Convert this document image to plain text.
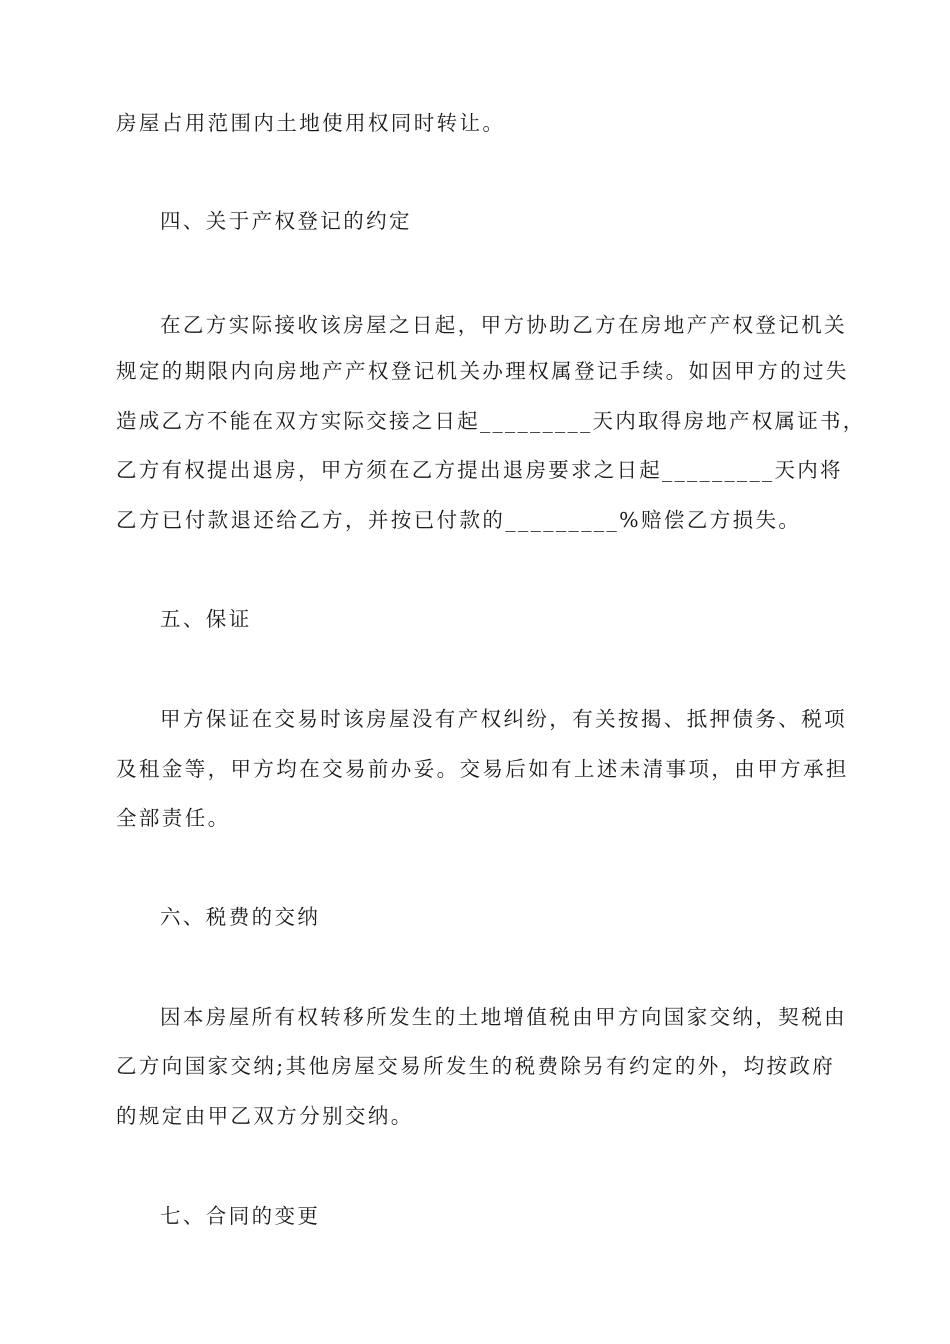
房屋占用范围内土地使用权同时转让。
四、关于产权登记的约定
在乙方实际接收该房屋之日起，甲方协助乙方在房地产产权登记机关
规定的期限内向房地产产权登记机关办理权属登记手续。如因甲方的过失
造成乙方不能在双方实际交接之日起_________天内取得房地产权属证书，
乙方有权提出退房，甲方须在乙方提出退房要求之日起_________天内将
乙方已付款退还给乙方，并按已付款的_________%赔偿乙方损失。
五、保证
甲方保证在交易时该房屋没有产权纠纷，有关按揭、抵押债务、税项
及租金等，甲方均在交易前办妥。交易后如有上述未清事项，由甲方承担
全部责任。
六、税费的交纳
因本房屋所有权转移所发生的土地增值税由甲方向国家交纳，契税由
乙方向国家交纳;其他房屋交易所发生的税费除另有约定的外，均按政府
的规定由甲乙双方分别交纳。
七、合同的变更
